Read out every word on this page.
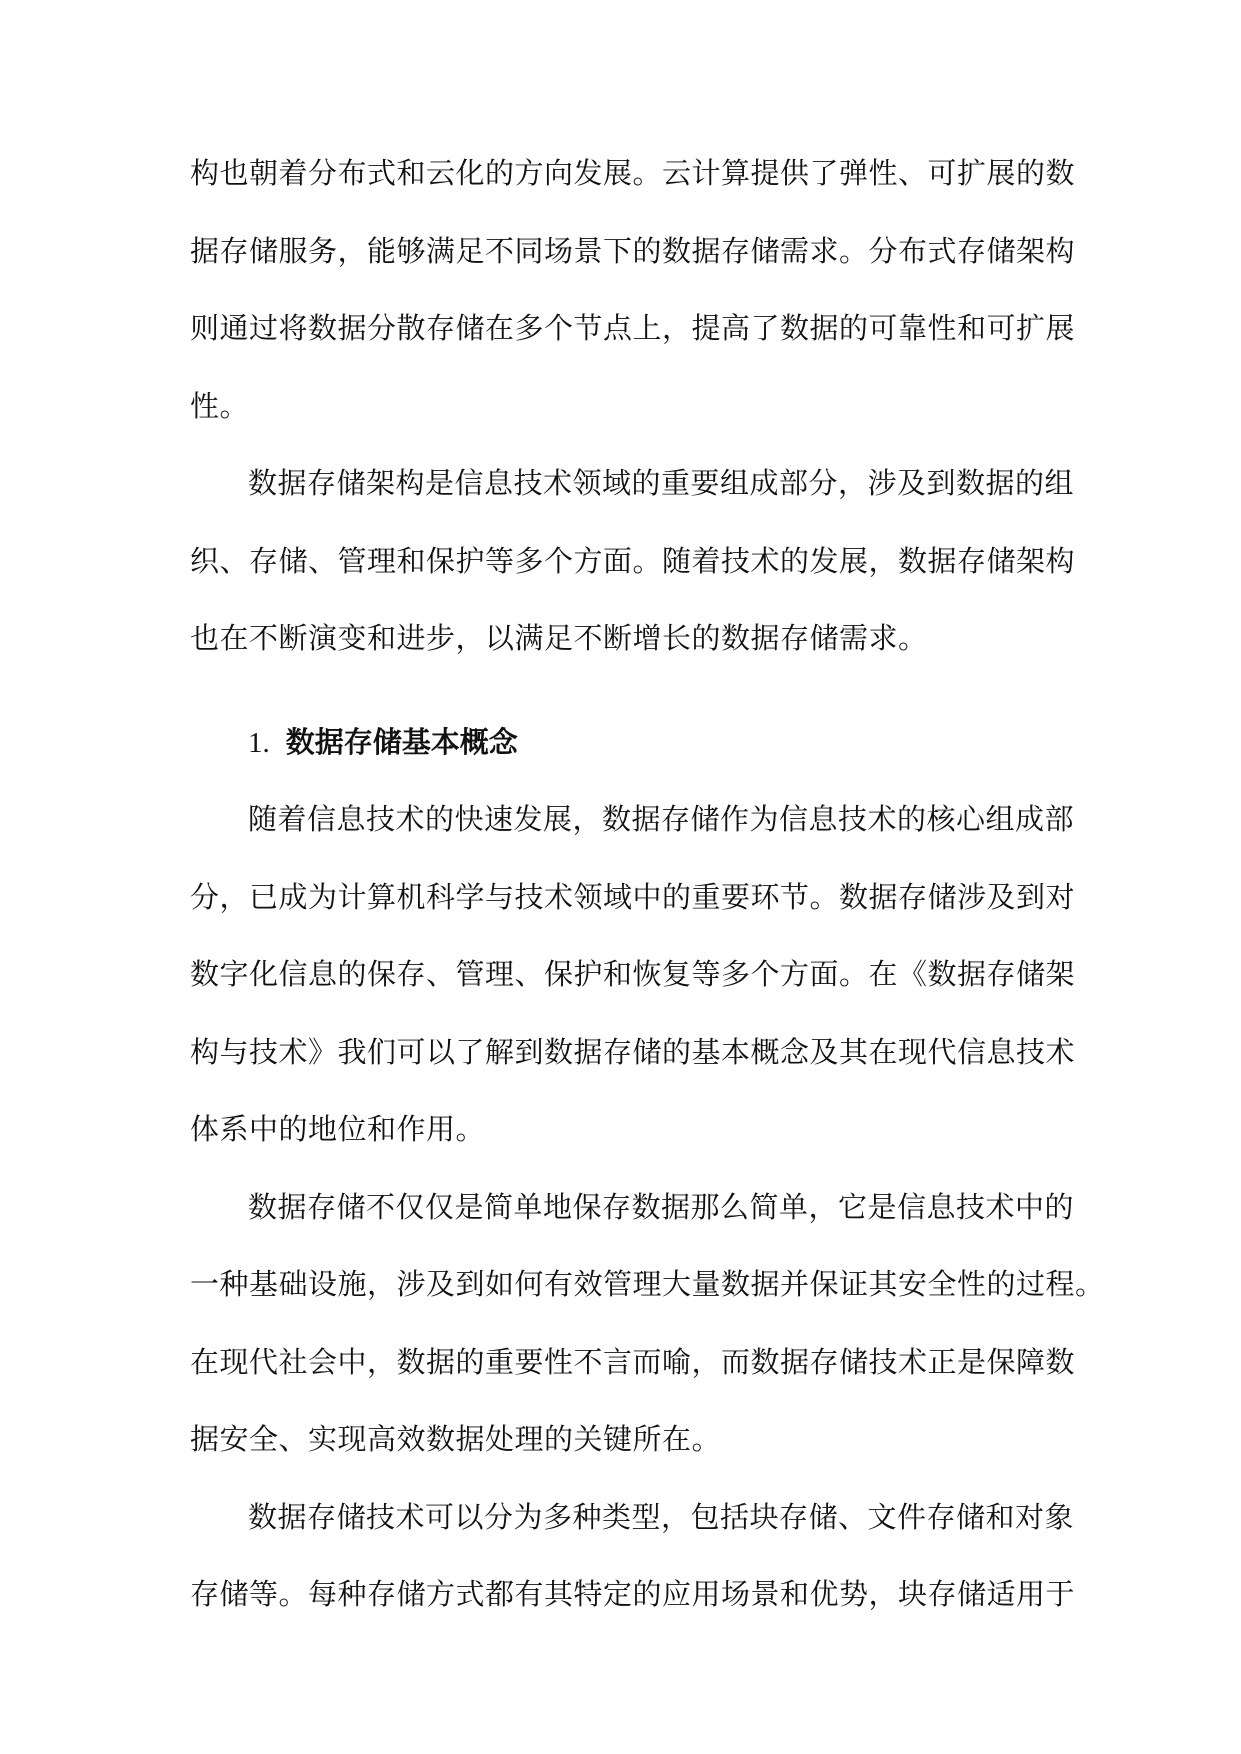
构也朝着分布式和云化的方向发展。云计算提供了弹性、可扩展的数
据存储服务，能够满足不同场景下的数据存储需求。分布式存储架构
则通过将数据分散存储在多个节点上，提高了数据的可靠性和可扩展
性。
数据存储架构是信息技术领域的重要组成部分，涉及到数据的组
织、存储、管理和保护等多个方面。随着技术的发展，数据存储架构
也在不断演变和进步，以满足不断增长的数据存储需求。
1. 数据存储基本概念
随着信息技术的快速发展，数据存储作为信息技术的核心组成部
分，已成为计算机科学与技术领域中的重要环节。数据存储涉及到对
数字化信息的保存、管理、保护和恢复等多个方面。在《数据存储架
构与技术》我们可以了解到数据存储的基本概念及其在现代信息技术
体系中的地位和作用。
数据存储不仅仅是简单地保存数据那么简单，它是信息技术中的
一种基础设施，涉及到如何有效管理大量数据并保证其安全性的过程。
在现代社会中，数据的重要性不言而喻，而数据存储技术正是保障数
据安全、实现高效数据处理的关键所在。
数据存储技术可以分为多种类型，包括块存储、文件存储和对象
存储等。每种存储方式都有其特定的应用场景和优势，块存储适用于
